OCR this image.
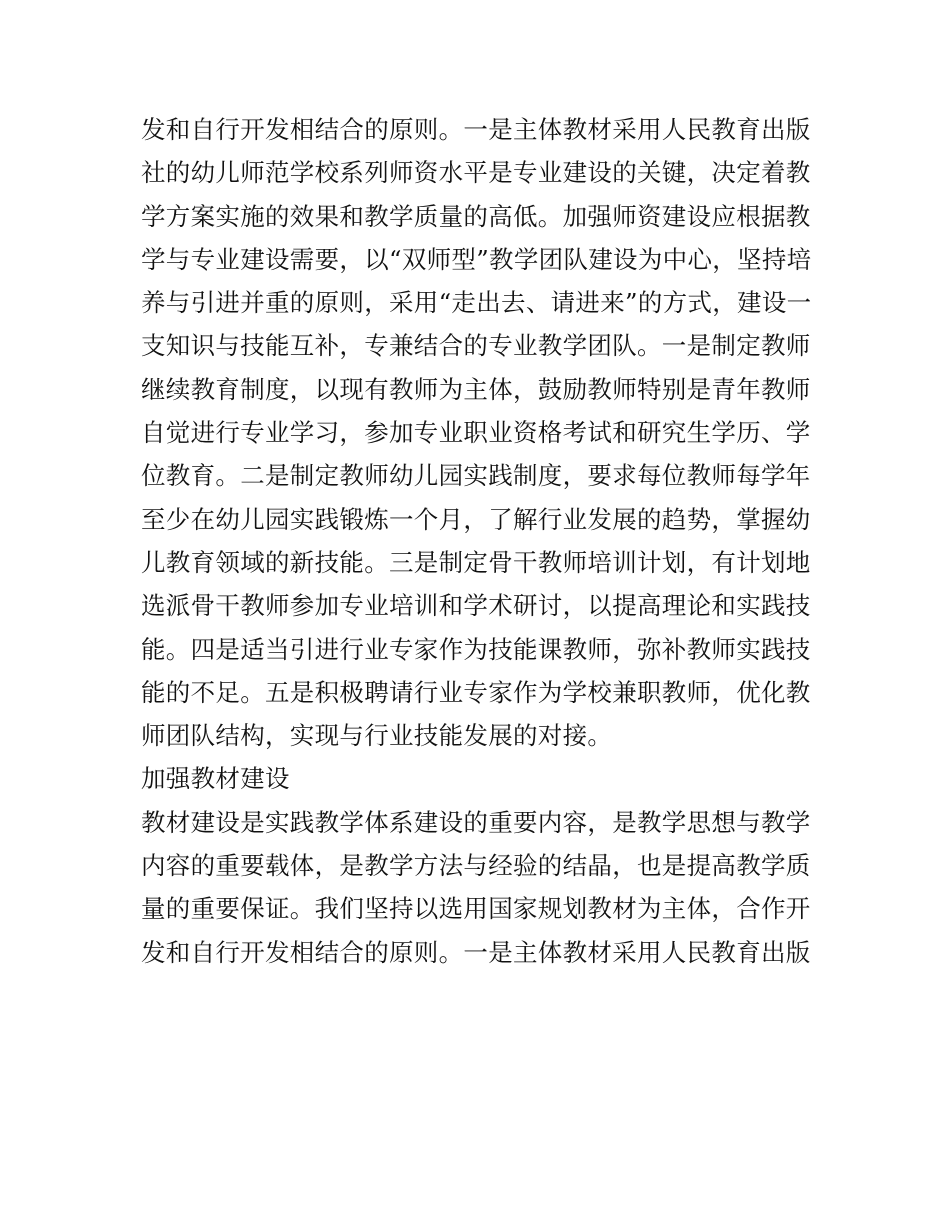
发和自行开发相结合的原则。一是主体教材采用人民教育出版
社的幼儿师范学校系列师资水平是专业建设的关键，决定着教
学方案实施的效果和教学质量的高低。加强师资建设应根据教
学与专业建设需要，以“双师型”教学团队建设为中心，坚持培
养与引进并重的原则，采用“走出去、请进来”的方式，建设一
支知识与技能互补，专兼结合的专业教学团队。一是制定教师
继续教育制度，以现有教师为主体，鼓励教师特别是青年教师
自觉进行专业学习，参加专业职业资格考试和研究生学历、学
位教育。二是制定教师幼儿园实践制度，要求每位教师每学年
至少在幼儿园实践锻炼一个月，了解行业发展的趋势，掌握幼
儿教育领域的新技能。三是制定骨干教师培训计划，有计划地
选派骨干教师参加专业培训和学术研讨，以提高理论和实践技
能。四是适当引进行业专家作为技能课教师，弥补教师实践技
能的不足。五是积极聘请行业专家作为学校兼职教师，优化教
师团队结构，实现与行业技能发展的对接。
加强教材建设
教材建设是实践教学体系建设的重要内容，是教学思想与教学
内容的重要载体，是教学方法与经验的结晶，也是提高教学质
量的重要保证。我们坚持以选用国家规划教材为主体，合作开
发和自行开发相结合的原则。一是主体教材采用人民教育出版
